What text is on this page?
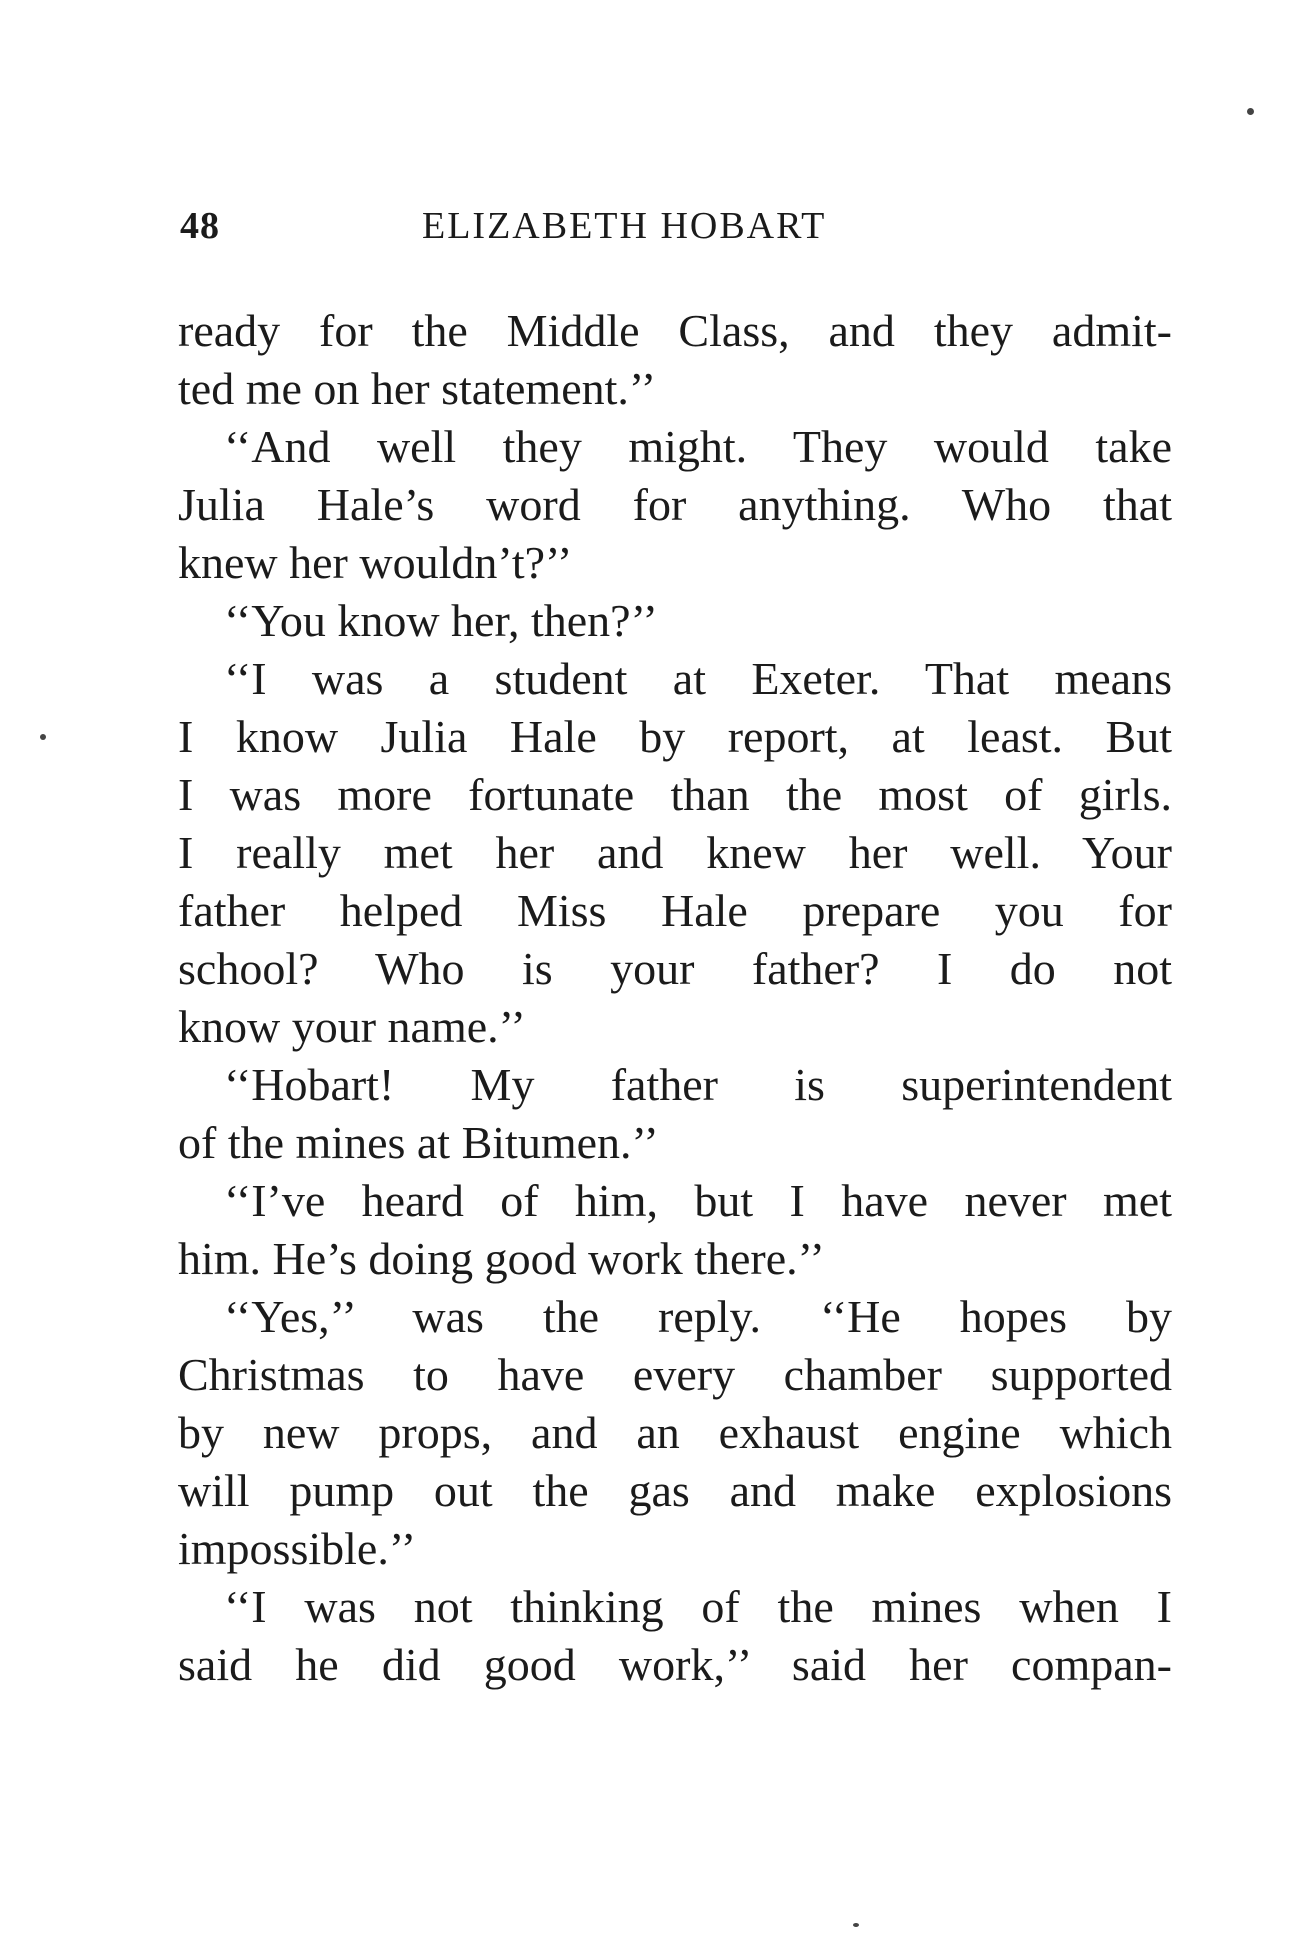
48	ELIZABETH HOBART
ready for the Middle Class, and they admit-
ted me on her statement.’’
‘‘And well they might. They would take
Julia Hale’s word for anything. Who that
knew her wouldn’t?’’
‘‘You know her, then?’’
‘‘I was a student at Exeter. That means
I know Julia Hale by report, at least. But
I was more fortunate than the most of girls.
I really met her and knew her well. Your
father helped Miss Hale prepare you for
school? Who is your father? I do not
know your name.’’
‘‘Hobart! My father is superintendent
of the mines at Bitumen.’’
‘‘I’ve heard of him, but I have never met
him. He’s doing good work there.’’
‘‘Yes,’’ was the reply. ‘‘He hopes by
Christmas to have every chamber supported
by new props, and an exhaust engine which
will pump out the gas and make explosions
impossible.’’
‘‘I was not thinking of the mines when I
said he did good work,’’ said her compan-
